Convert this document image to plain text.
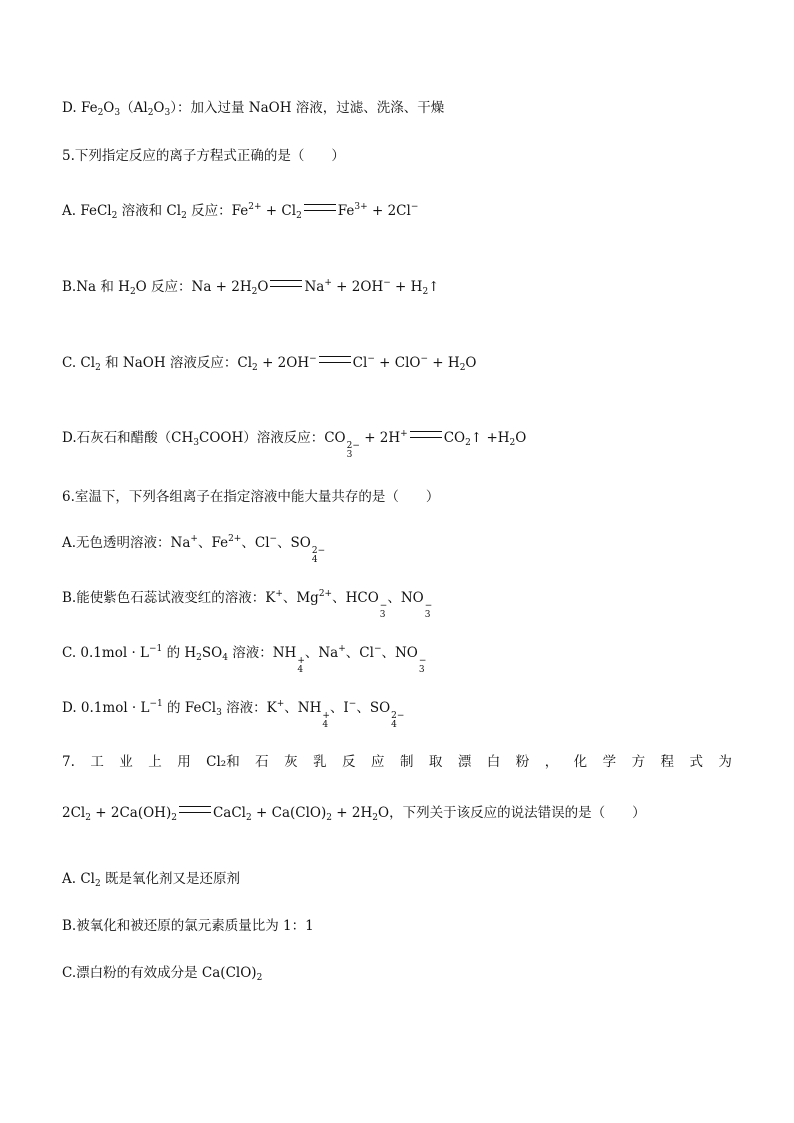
D. $Fe_2O_3(Al_2O_3)$：加入过量 NaOH 溶液，过滤、洗涤、干燥
5.下列指定反应的离子方程式正确的是（　　）
A. FeCl$_2$ 溶液和 $Cl_2$ 反应：$Fe^{2+} + Cl_2$	$Fe^{3+} + 2Cl^-$
B.Na 和 $H_2O$ 反应：$Na + 2H_2O$	$Na^+ + 2OH^- + H_2↑$
C. $Cl_2$ 和 NaOH 溶液反应：$Cl_2 + 2OH^-$	$Cl^- + ClO^- + H_2O$
D.石灰石和醋酸$(CH_3COOH)$溶液反应：CO 2−
3
+ 2H+	$CO_2↑ +H_2O$
6.室温下，下列各组离子在指定溶液中能大量共存的是（　　）
A.无色透明溶液：Na+、$Fe^{2+}$、Cl−、SO 2−
4
B.能使紫色石蕊试液变红的溶液：K+、$Mg^{2+}$、HCO −
3
、NO −
3
C. $0.1mol \cdot L^{-1}$ 的 $H_2SO_4$ 溶液：NH +
4
、Na+、Cl−、NO −
3
D. $0.1mol \cdot L^{-1}$ 的 FeCl$_3$ 溶液：K+、NH +
4
、I−、SO 2−
4
7. 工 业 上 用 Cl₂和 石 灰 乳 反 应 制 取 漂 白 粉 ， 化 学 方 程 式 为
$2Cl_2 + 2Ca(OH)_2$	CaCl$_2$ + $Ca(ClO)_2 + 2H_2O$，下列关于该反应的说法错误的是（　　）
A. $Cl_2$ 既是氧化剂又是还原剂
B.被氧化和被还原的氯元素质量比为 1：1
C.漂白粉的有效成分是 $Ca(ClO)_2$
